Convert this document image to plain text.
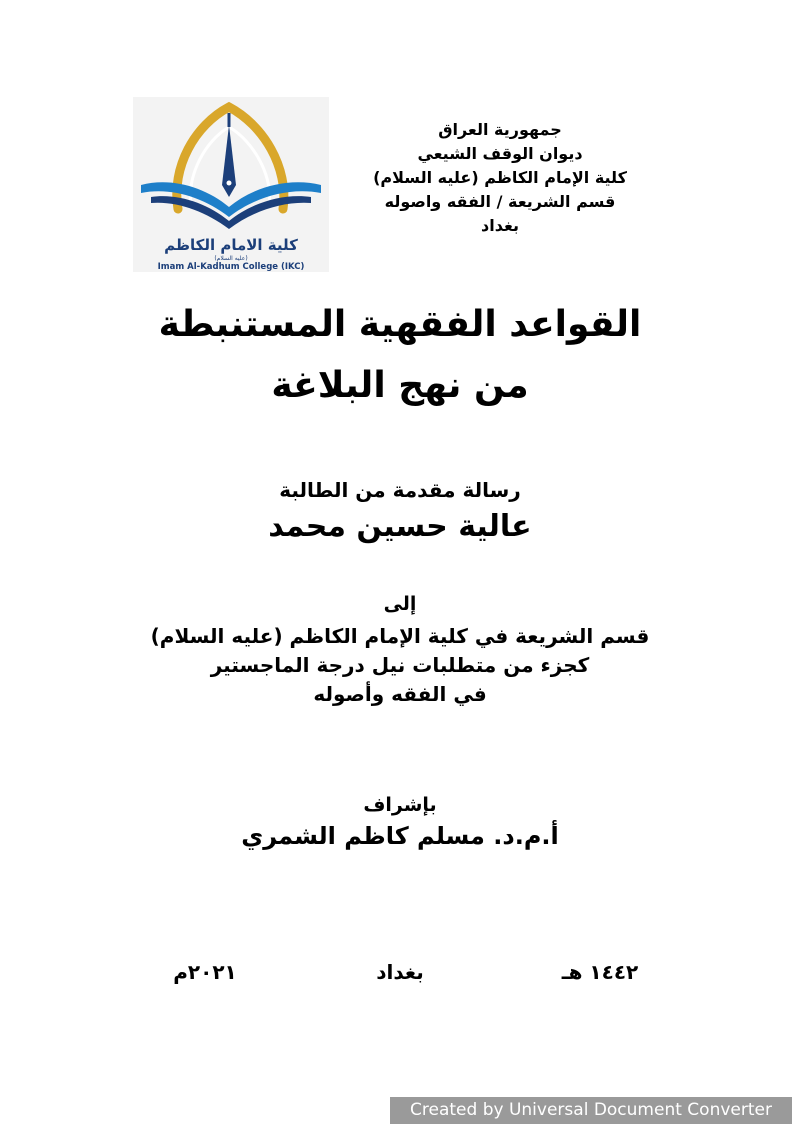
جمهورية العراق
ديوان الوقف الشيعي
كلية الإمام الكاظم (عليه السلام)
قسم الشريعة / الفقه واصوله
بغداد
كلية الامام الكاظم
(عليه السلام)
Imam Al-Kadhum College (IKC)
القواعد الفقهية المستنبطة
من نهج البلاغة
رسالة مقدمة من الطالبة
عالية حسين محمد
إلى
قسم الشريعة في كلية الإمام الكاظم (عليه السلام)
كجزء من متطلبات نيل درجة الماجستير
في الفقه وأصوله
بإشراف
أ.م.د. مسلم كاظم الشمري
١٤٤٢ هـ
بغداد
٢٠٢١م
Created by Universal Document Converter
